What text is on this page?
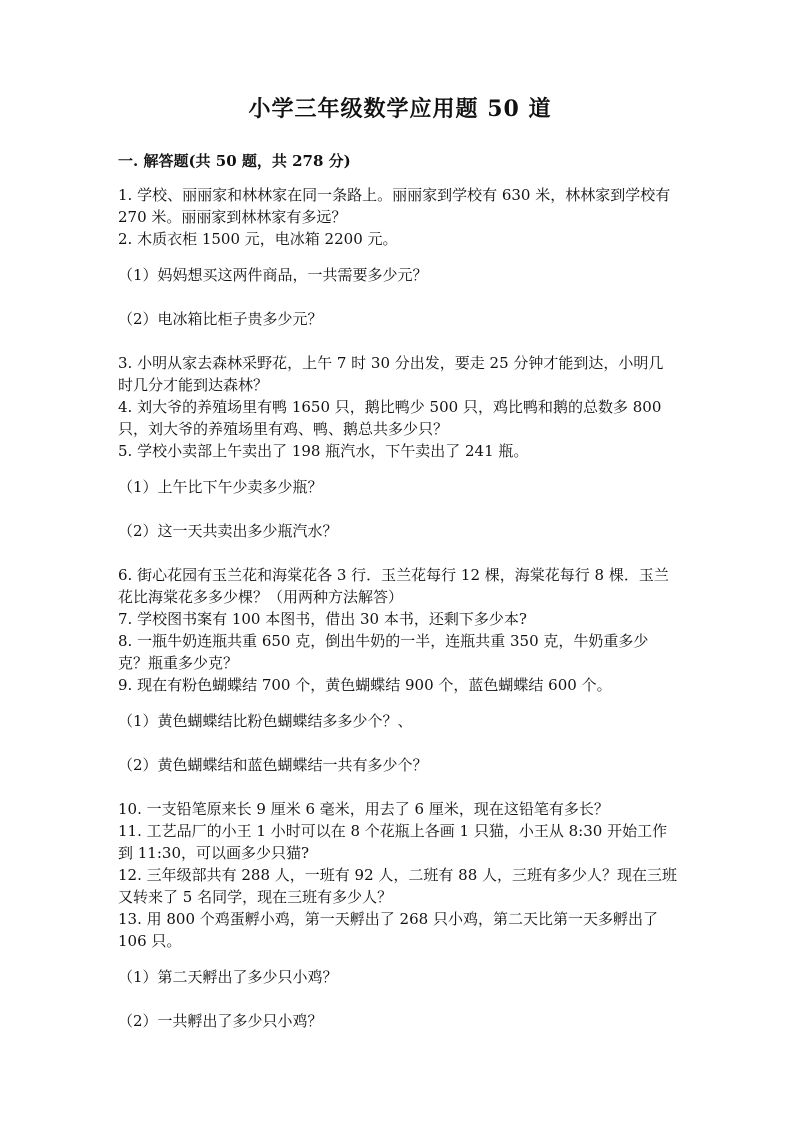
小学三年级数学应用题 50 道
一. 解答题(共 50 题，共 278 分)

1. 学校、丽丽家和林林家在同一条路上。丽丽家到学校有 630 米，林林家到学校有 270 米。丽丽家到林林家有多远？

2. 木质衣柜 1500 元，电冰箱 2200 元。

（1）妈妈想买这两件商品，一共需要多少元？

（2）电冰箱比柜子贵多少元？

3. 小明从家去森林采野花，上午 7 时 30 分出发，要走 25 分钟才能到达，小明几时几分才能到达森林？

4. 刘大爷的养殖场里有鸭 1650 只，鹅比鸭少 500 只，鸡比鸭和鹅的总数多 800 只，刘大爷的养殖场里有鸡、鸭、鹅总共多少只？

5. 学校小卖部上午卖出了 198 瓶汽水，下午卖出了 241 瓶。

（1）上午比下午少卖多少瓶？

（2）这一天共卖出多少瓶汽水？

6. 街心花园有玉兰花和海棠花各 3 行．玉兰花每行 12 棵，海棠花每行 8 棵．玉兰花比海棠花多多少棵？（用两种方法解答）

7. 学校图书案有 100 本图书，借出 30 本书，还剩下多少本?

8. 一瓶牛奶连瓶共重 650 克，倒出牛奶的一半，连瓶共重 350 克，牛奶重多少克？瓶重多少克？

9. 现在有粉色蝴蝶结 700 个，黄色蝴蝶结 900 个，蓝色蝴蝶结 600 个。

（1）黄色蝴蝶结比粉色蝴蝶结多多少个？、

（2）黄色蝴蝶结和蓝色蝴蝶结一共有多少个？

10. 一支铅笔原来长 9 厘米 6 毫米，用去了 6 厘米，现在这铅笔有多长？

11. 工艺品厂的小王 1 小时可以在 8 个花瓶上各画 1 只猫，小王从 8:30 开始工作到 11:30，可以画多少只猫?

12. 三年级部共有 288 人，一班有 92 人，二班有 88 人，三班有多少人？现在三班又转来了 5 名同学，现在三班有多少人？

13. 用 800 个鸡蛋孵小鸡，第一天孵出了 268 只小鸡，第二天比第一天多孵出了 106 只。

（1）第二天孵出了多少只小鸡？

（2）一共孵出了多少只小鸡？
